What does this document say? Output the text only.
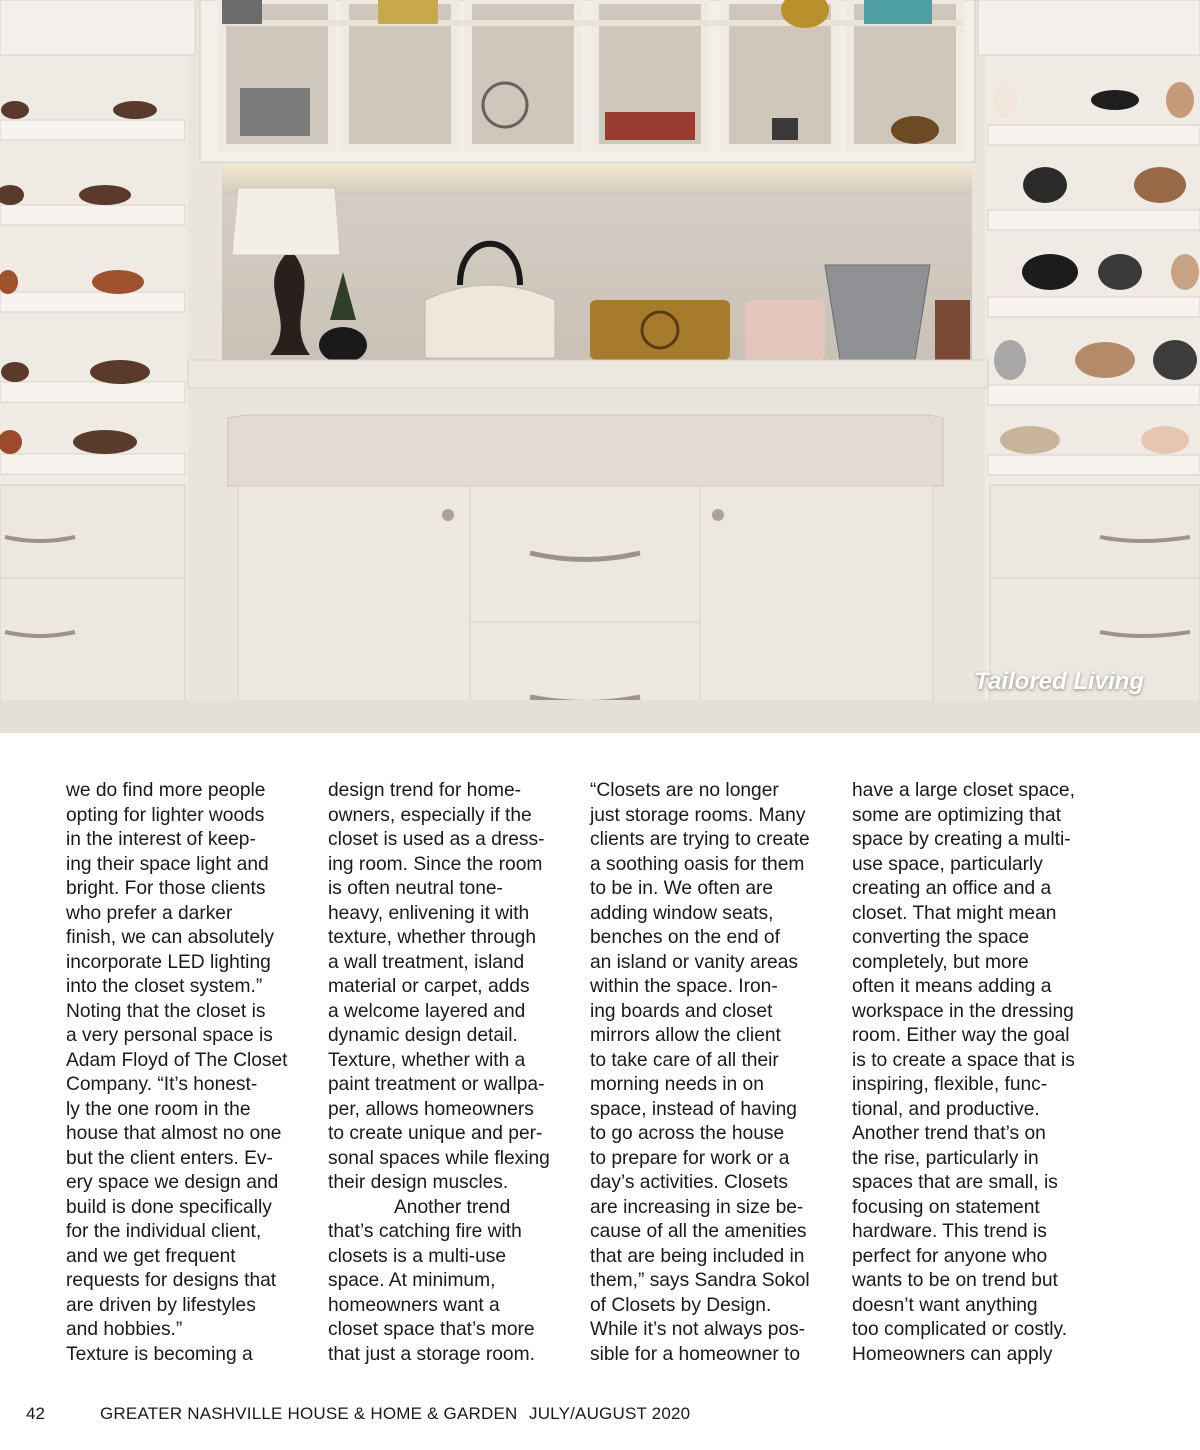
Tailored Living
we do find more people
opting for lighter woods
in the interest of keep-
ing their space light and
bright. For those clients
who prefer a darker
finish, we can absolutely
incorporate LED lighting
into the closet system.”
Noting that the closet is
a very personal space is
Adam Floyd of The Closet
Company. “It’s honest-
ly the one room in the
house that almost no one
but the client enters. Ev-
ery space we design and
build is done specifically
for the individual client,
and we get frequent
requests for designs that
are driven by lifestyles
and hobbies.”
Texture is becoming a
design trend for home-
owners, especially if the
closet is used as a dress-
ing room. Since the room
is often neutral tone-
heavy, enlivening it with
texture, whether through
a wall treatment, island
material or carpet, adds
a welcome layered and
dynamic design detail.
Texture, whether with a
paint treatment or wallpa-
per, allows homeowners
to create unique and per-
sonal spaces while flexing
their design muscles.
Another trend
that’s catching fire with
closets is a multi-use
space. At minimum,
homeowners want a
closet space that’s more
that just a storage room.
“Closets are no longer
just storage rooms. Many
clients are trying to create
a soothing oasis for them
to be in. We often are
adding window seats,
benches on the end of
an island or vanity areas
within the space. Iron-
ing boards and closet
mirrors allow the client
to take care of all their
morning needs in on
space, instead of having
to go across the house
to prepare for work or a
day’s activities. Closets
are increasing in size be-
cause of all the amenities
that are being included in
them,” says Sandra Sokol
of Closets by Design.
While it’s not always pos-
sible for a homeowner to
have a large closet space,
some are optimizing that
space by creating a multi-
use space, particularly
creating an office and a
closet. That might mean
converting the space
completely, but more
often it means adding a
workspace in the dressing
room. Either way the goal
is to create a space that is
inspiring, flexible, func-
tional, and productive.
Another trend that’s on
the rise, particularly in
spaces that are small, is
focusing on statement
hardware. This trend is
perfect for anyone who
wants to be on trend but
doesn’t want anything
too complicated or costly.
Homeowners can apply
42	GREATER NASHVILLE HOUSE & HOME & GARDEN JULY/AUGUST 2020
